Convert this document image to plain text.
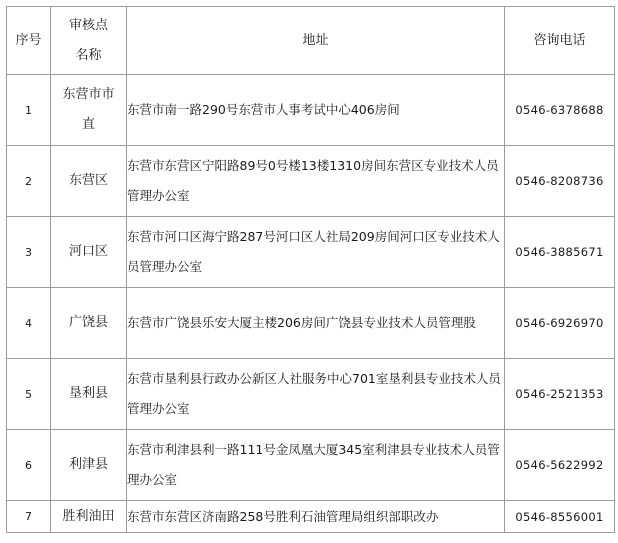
序号	审核点名称	地址	咨询电话
1	东营市市直	东营市南一路290号东营市人事考试中心406房间	0546-6378688
2	东营区	东营市东营区宁阳路89号0号楼13楼1310房间东营区专业技术人员管理办公室	0546-8208736
3	河口区	东营市河口区海宁路287号河口区人社局209房间河口区专业技术人员管理办公室	0546-3885671
4	广饶县	东营市广饶县乐安大厦主楼206房间广饶县专业技术人员管理股	0546-6926970
5	垦利县	东营市垦利县行政办公新区人社服务中心701室垦利县专业技术人员管理办公室	0546-2521353
6	利津县	东营市利津县利一路111号金凤凰大厦345室利津县专业技术人员管理办公室	0546-5622992
7	胜利油田	东营市东营区济南路258号胜利石油管理局组织部职改办	0546-8556001
